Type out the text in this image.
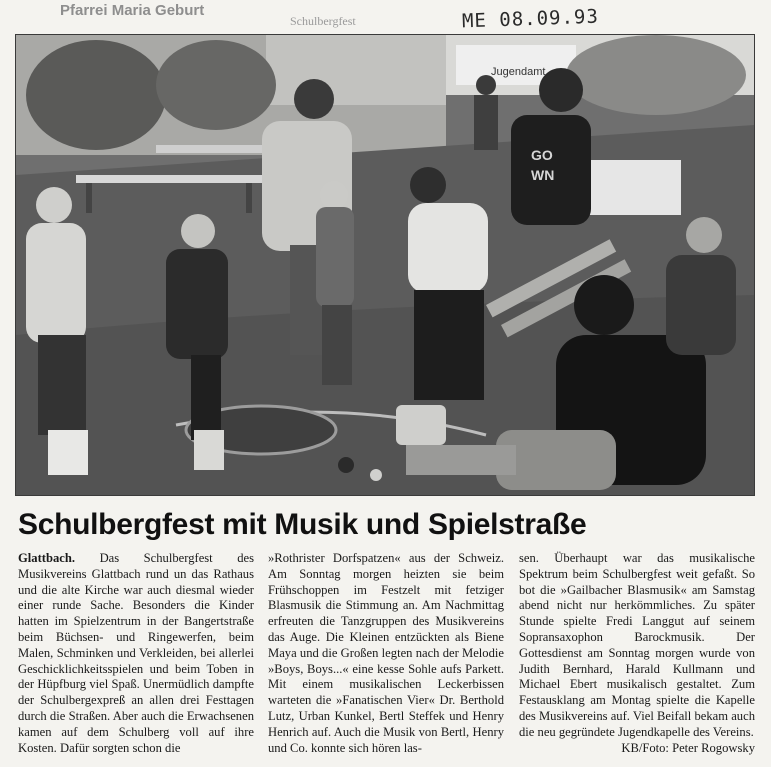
Pfarrei Maria Geburt
Schulbergfest	ME 08.09.93
Jugendamt
GO
WN
Schulbergfest mit Musik und Spielstraße
Glattbach. Das Schulbergfest des Musikvereins Glattbach rund un das Rathaus und die alte Kirche war auch diesmal wieder einer runde Sache. Besonders die Kinder hatten im Spielzentrum in der Bangertstraße beim Büchsen- und Ringewerfen, beim Malen, Schminken und Verkleiden, bei allerlei Geschicklichkeitsspielen und beim Toben in der Hüpfburg viel Spaß. Unermüdlich dampfte der Schulbergexpreß an allen drei Festtagen durch die Straßen. Aber auch die Erwachsenen kamen auf dem Schulberg voll auf ihre Kosten. Dafür sorgten schon die
»Rothrister Dorfspatzen« aus der Schweiz. Am Sonntag morgen heizten sie beim Frühschoppen im Festzelt mit fetziger Blasmusik die Stimmung an. Am Nachmittag erfreuten die Tanzgruppen des Musikvereins das Auge. Die Kleinen entzückten als Biene Maya und die Großen legten nach der Melodie »Boys, Boys...« eine kesse Sohle aufs Parkett. Mit einem musikalischen Leckerbissen warteten die »Fanatischen Vier« Dr. Berthold Lutz, Urban Kunkel, Bertl Steffek und Henry Henrich auf. Auch die Musik von Bertl, Henry und Co. konnte sich hören las-
sen. Überhaupt war das musikalische Spektrum beim Schulbergfest weit gefaßt. So bot die »Gailbacher Blasmusik« am Samstag abend nicht nur herkömmliches. Zu später Stunde spielte Fredi Langgut auf seinem Sopransaxophon Barockmusik. Der Gottesdienst am Sonntag morgen wurde von Judith Bernhard, Harald Kullmann und Michael Ebert musikalisch gestaltet. Zum Festausklang am Montag spielte die Kapelle des Musikvereins auf. Viel Beifall bekam auch die neu gegründete Jugendkapelle des Vereins.
KB/Foto: Peter Rogowsky
